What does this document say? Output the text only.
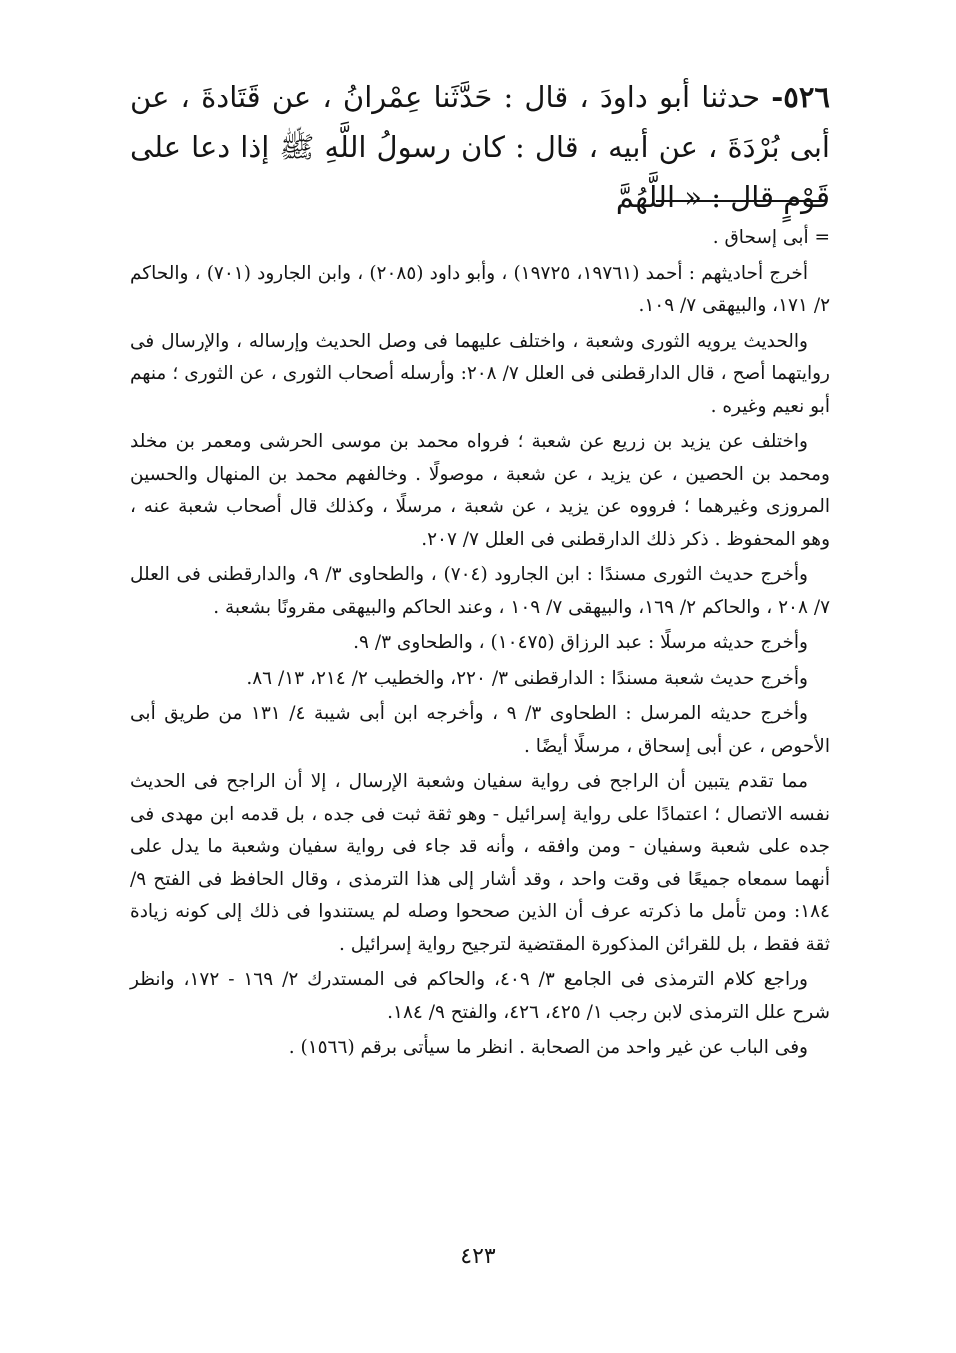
٥٢٦- حدثنا أبو داودَ ، قال : حَدَّثَنا عِمْرانُ ، عن قَتَادةَ ، عن أبى بُرْدَةَ ، عن أبيه ، قال : كان رسولُ اللَّهِ ﷺ إذا دعا على قَوْمٍ قال : « اللَّهُمَّ

= أبى إسحاق .

أخرج أحاديثهم : أحمد (١٩٧٦١، ١٩٧٢٥) ، وأبو داود (٢٠٨٥) ، وابن الجارود (٧٠١) ، والحاكم ٢/ ١٧١، والبيهقى ٧/ ١٠٩.

والحديث يرويه الثورى وشعبة ، واختلف عليهما فى وصل الحديث وإرساله ، والإرسال فى روايتهما أصح ، قال الدارقطنى فى العلل ٧/ ٢٠٨: وأرسله أصحاب الثورى ، عن الثورى ؛ منهم أبو نعيم وغيره .

واختلف عن يزيد بن زريع عن شعبة ؛ فرواه محمد بن موسى الحرشى ومعمر بن مخلد ومحمد بن الحصين ، عن يزيد ، عن شعبة ، موصولًا . وخالفهم محمد بن المنهال والحسين المروزى وغيرهما ؛ فرووه عن يزيد ، عن شعبة ، مرسلًا ، وكذلك قال أصحاب شعبة عنه ، وهو المحفوظ . ذكر ذلك الدارقطنى فى العلل ٧/ ٢٠٧.

وأخرج حديث الثورى مسندًا : ابن الجارود (٧٠٤) ، والطحاوى ٣/ ٩، والدارقطنى فى العلل ٧/ ٢٠٨ ، والحاكم ٢/ ١٦٩، والبيهقى ٧/ ١٠٩ ، وعند الحاكم والبيهقى مقرونًا بشعبة .

وأخرج حديثه مرسلًا : عبد الرزاق (١٠٤٧٥) ، والطحاوى ٣/ ٩.

وأخرج حديث شعبة مسندًا : الدارقطنى ٣/ ٢٢٠، والخطيب ٢/ ٢١٤، ١٣/ ٨٦.

وأخرج حديثه المرسل : الطحاوى ٣/ ٩ ، وأخرجه ابن أبى شيبة ٤/ ١٣١ من طريق أبى الأحوص ، عن أبى إسحاق ، مرسلًا أيضًا .

مما تقدم يتبين أن الراجح فى رواية سفيان وشعبة الإرسال ، إلا أن الراجح فى الحديث نفسه الاتصال ؛ اعتمادًا على رواية إسرائيل - وهو ثقة ثبت فى جده ، بل قدمه ابن مهدى فى جده على شعبة وسفيان - ومن وافقه ، وأنه قد جاء فى رواية سفيان وشعبة ما يدل على أنهما سمعاه جميعًا فى وقت واحد ، وقد أشار إلى هذا الترمذى ، وقال الحافظ فى الفتح ٩/ ١٨٤: ومن تأمل ما ذكرته عرف أن الذين صححوا وصله لم يستندوا فى ذلك إلى كونه زيادة ثقة فقط ، بل للقرائن المذكورة المقتضية لترجيح رواية إسرائيل .

وراجع كلام الترمذى فى الجامع ٣/ ٤٠٩، والحاكم فى المستدرك ٢/ ١٦٩ - ١٧٢، وانظر شرح علل الترمذى لابن رجب ١/ ٤٢٥، ٤٢٦، والفتح ٩/ ١٨٤.

وفى الباب عن غير واحد من الصحابة . انظر ما سيأتى برقم (١٥٦٦) .

٤٢٣
